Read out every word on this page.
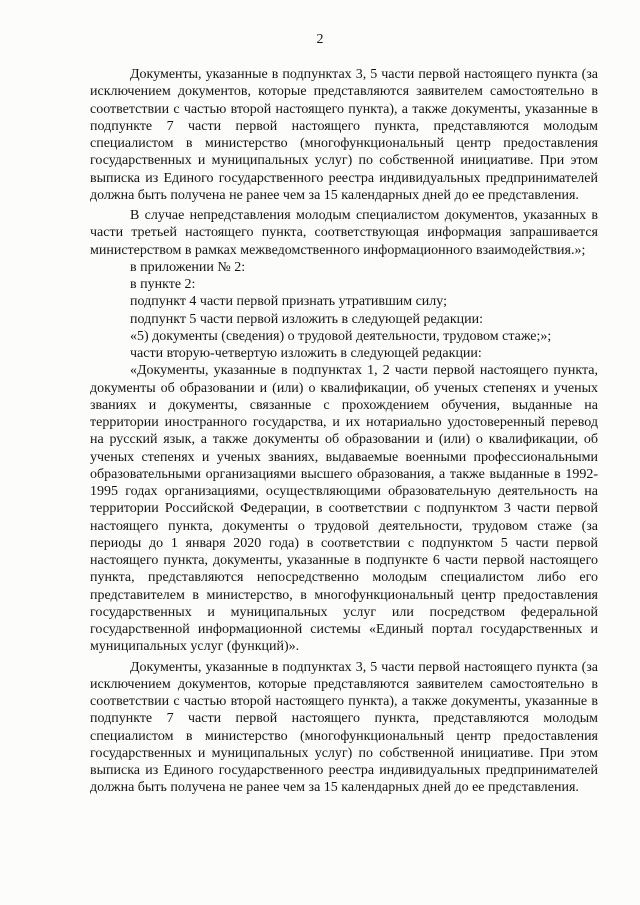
2

Документы, указанные в подпунктах 3, 5 части первой настоящего пункта (за исключением документов, которые представляются заявителем самостоятельно в соответствии с частью второй настоящего пункта), а также документы, указанные в подпункте 7 части первой настоящего пункта, представляются молодым специалистом в министерство (многофункциональный центр предоставления государственных и муниципальных услуг) по собственной инициативе. При этом выписка из Единого государственного реестра индивидуальных предпринимателей должна быть получена не ранее чем за 15 календарных дней до ее представления.

В случае непредставления молодым специалистом документов, указанных в части третьей настоящего пункта, соответствующая информация запрашивается министерством в рамках межведомственного информационного взаимодействия.»;

в приложении № 2:

в пункте 2:

подпункт 4 части первой признать утратившим силу;

подпункт 5 части первой изложить в следующей редакции:

«5) документы (сведения) о трудовой деятельности, трудовом стаже;»;

части вторую-четвертую изложить в следующей редакции:

«Документы, указанные в подпунктах 1, 2 части первой настоящего пункта, документы об образовании и (или) о квалификации, об ученых степенях и ученых званиях и документы, связанные с прохождением обучения, выданные на территории иностранного государства, и их нотариально удостоверенный перевод на русский язык, а также документы об образовании и (или) о квалификации, об ученых степенях и ученых званиях, выдаваемые военными профессиональными образовательными организациями высшего образования, а также выданные в 1992-1995 годах организациями, осуществляющими образовательную деятельность на территории Российской Федерации, в соответствии с подпунктом 3 части первой настоящего пункта, документы о трудовой деятельности, трудовом стаже (за периоды до 1 января 2020 года) в соответствии с подпунктом 5 части первой настоящего пункта, документы, указанные в подпункте 6 части первой настоящего пункта, представляются непосредственно молодым специалистом либо его представителем в министерство, в многофункциональный центр предоставления государственных и муниципальных услуг или посредством федеральной государственной информационной системы «Единый портал государственных и муниципальных услуг (функций)».

Документы, указанные в подпунктах 3, 5 части первой настоящего пункта (за исключением документов, которые представляются заявителем самостоятельно в соответствии с частью второй настоящего пункта), а также документы, указанные в подпункте 7 части первой настоящего пункта, представляются молодым специалистом в министерство (многофункциональный центр предоставления государственных и муниципальных услуг) по собственной инициативе. При этом выписка из Единого государственного реестра индивидуальных предпринимателей должна быть получена не ранее чем за 15 календарных дней до ее представления.
